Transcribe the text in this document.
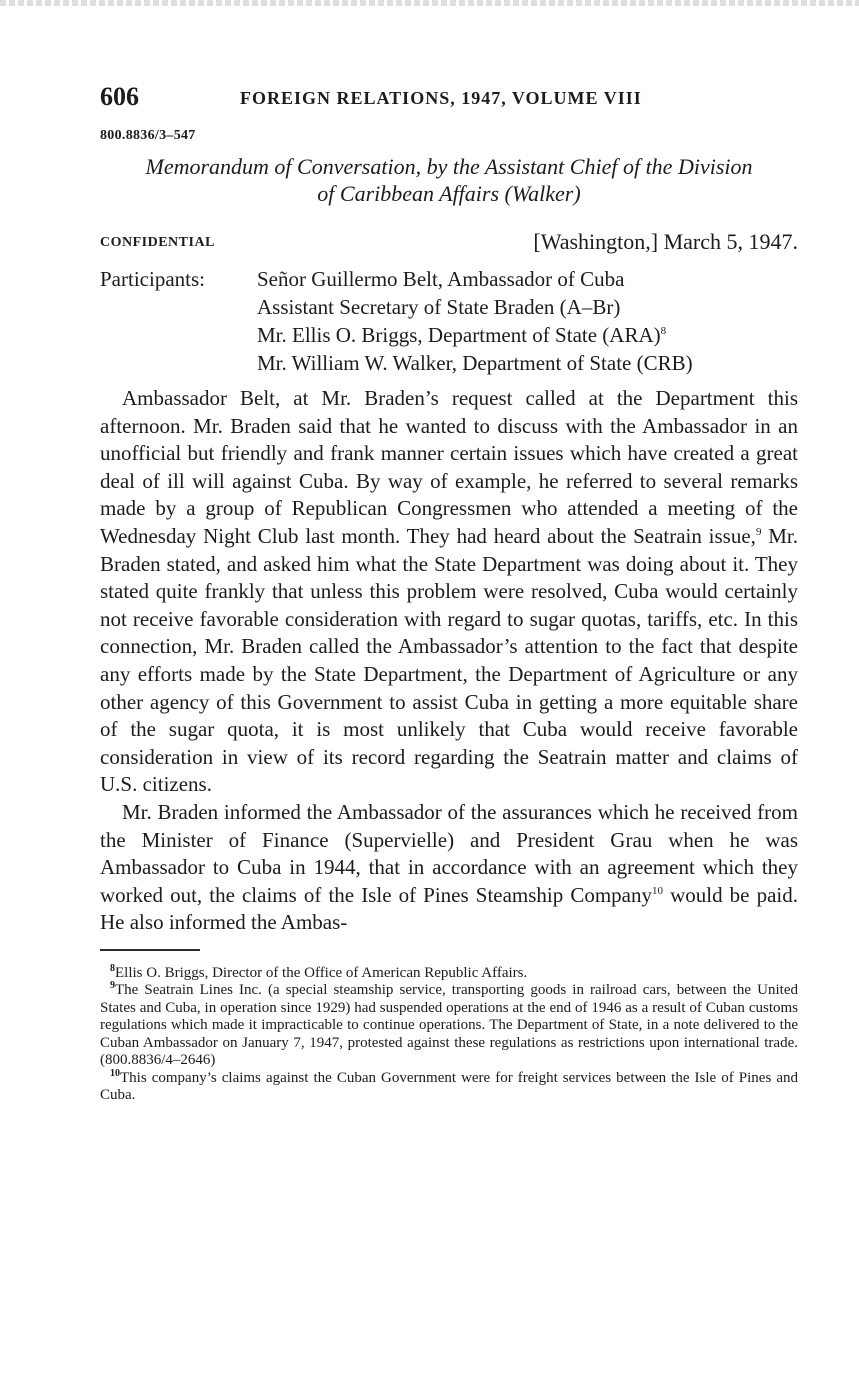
606	FOREIGN RELATIONS, 1947, VOLUME VIII
800.8836/3–547
Memorandum of Conversation, by the Assistant Chief of the Division
of Caribbean Affairs (Walker)
CONFIDENTIAL	[Washington,] March 5, 1947.
Participants: Señor Guillermo Belt, Ambassador of Cuba
Assistant Secretary of State Braden (A–Br)
Mr. Ellis O. Briggs, Department of State (ARA)$^8$
Mr. William W. Walker, Department of State (CRB)

Ambassador Belt, at Mr. Braden’s request called at the Department this afternoon. Mr. Braden said that he wanted to discuss with the Ambassador in an unofficial but friendly and frank manner certain issues which have created a great deal of ill will against Cuba. By way of example, he referred to several remarks made by a group of Republican Congressmen who attended a meeting of the Wednesday Night Club last month. They had heard about the Seatrain issue,$^9$ Mr. Braden stated, and asked him what the State Department was doing about it. They stated quite frankly that unless this problem were resolved, Cuba would certainly not receive favorable consideration with regard to sugar quotas, tariffs, etc. In this connection, Mr. Braden called the Ambassador’s attention to the fact that despite any efforts made by the State Department, the Department of Agriculture or any other agency of this Government to assist Cuba in getting a more equitable share of the sugar quota, it is most unlikely that Cuba would receive favorable consideration in view of its record regarding the Seatrain matter and claims of U.S. citizens.

Mr. Braden informed the Ambassador of the assurances which he received from the Minister of Finance (Supervielle) and President Grau when he was Ambassador to Cuba in 1944, that in accordance with an agreement which they worked out, the claims of the Isle of Pines Steamship Company$^{10}$ would be paid. He also informed the Ambas-

$^8$Ellis O. Briggs, Director of the Office of American Republic Affairs.

$^9$The Seatrain Lines Inc. (a special steamship service, transporting goods in railroad cars, between the United States and Cuba, in operation since 1929) had suspended operations at the end of 1946 as a result of Cuban customs regulations which made it impracticable to continue operations. The Department of State, in a note delivered to the Cuban Ambassador on January 7, 1947, protested against these regulations as restrictions upon international trade. (800.8836/4–2646)

$^{10}$This company’s claims against the Cuban Government were for freight services between the Isle of Pines and Cuba.
